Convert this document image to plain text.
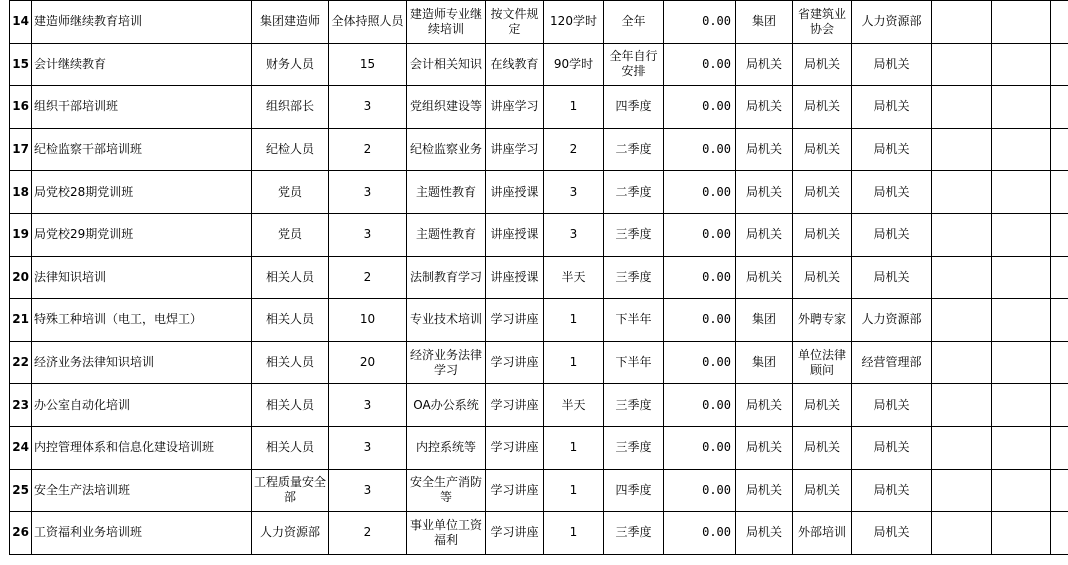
14	建造师继续教育培训	集团建造师	全体持照人员	建造师专业继续培训	按文件规定	120学时	全年	0.00	集团	省建筑业协会	人力资源部			
15	会计继续教育	财务人员	15	会计相关知识	在线教育	90学时	全年自行安排	0.00	局机关	局机关	局机关			
16	组织干部培训班	组织部长	3	党组织建设等	讲座学习	1	四季度	0.00	局机关	局机关	局机关			
17	纪检监察干部培训班	纪检人员	2	纪检监察业务	讲座学习	2	二季度	0.00	局机关	局机关	局机关			
18	局党校28期党训班	党员	3	主题性教育	讲座授课	3	二季度	0.00	局机关	局机关	局机关			
19	局党校29期党训班	党员	3	主题性教育	讲座授课	3	三季度	0.00	局机关	局机关	局机关			
20	法律知识培训	相关人员	2	法制教育学习	讲座授课	半天	三季度	0.00	局机关	局机关	局机关			
21	特殊工种培训（电工，电焊工）	相关人员	10	专业技术培训	学习讲座	1	下半年	0.00	集团	外聘专家	人力资源部			
22	经济业务法律知识培训	相关人员	20	经济业务法律学习	学习讲座	1	下半年	0.00	集团	单位法律顾问	经营管理部			
23	办公室自动化培训	相关人员	3	OA办公系统	学习讲座	半天	三季度	0.00	局机关	局机关	局机关			
24	内控管理体系和信息化建设培训班	相关人员	3	内控系统等	学习讲座	1	三季度	0.00	局机关	局机关	局机关			
25	安全生产法培训班	工程质量安全部	3	安全生产消防等	学习讲座	1	四季度	0.00	局机关	局机关	局机关			
26	工资福利业务培训班	人力资源部	2	事业单位工资福利	学习讲座	1	三季度	0.00	局机关	外部培训	局机关			
